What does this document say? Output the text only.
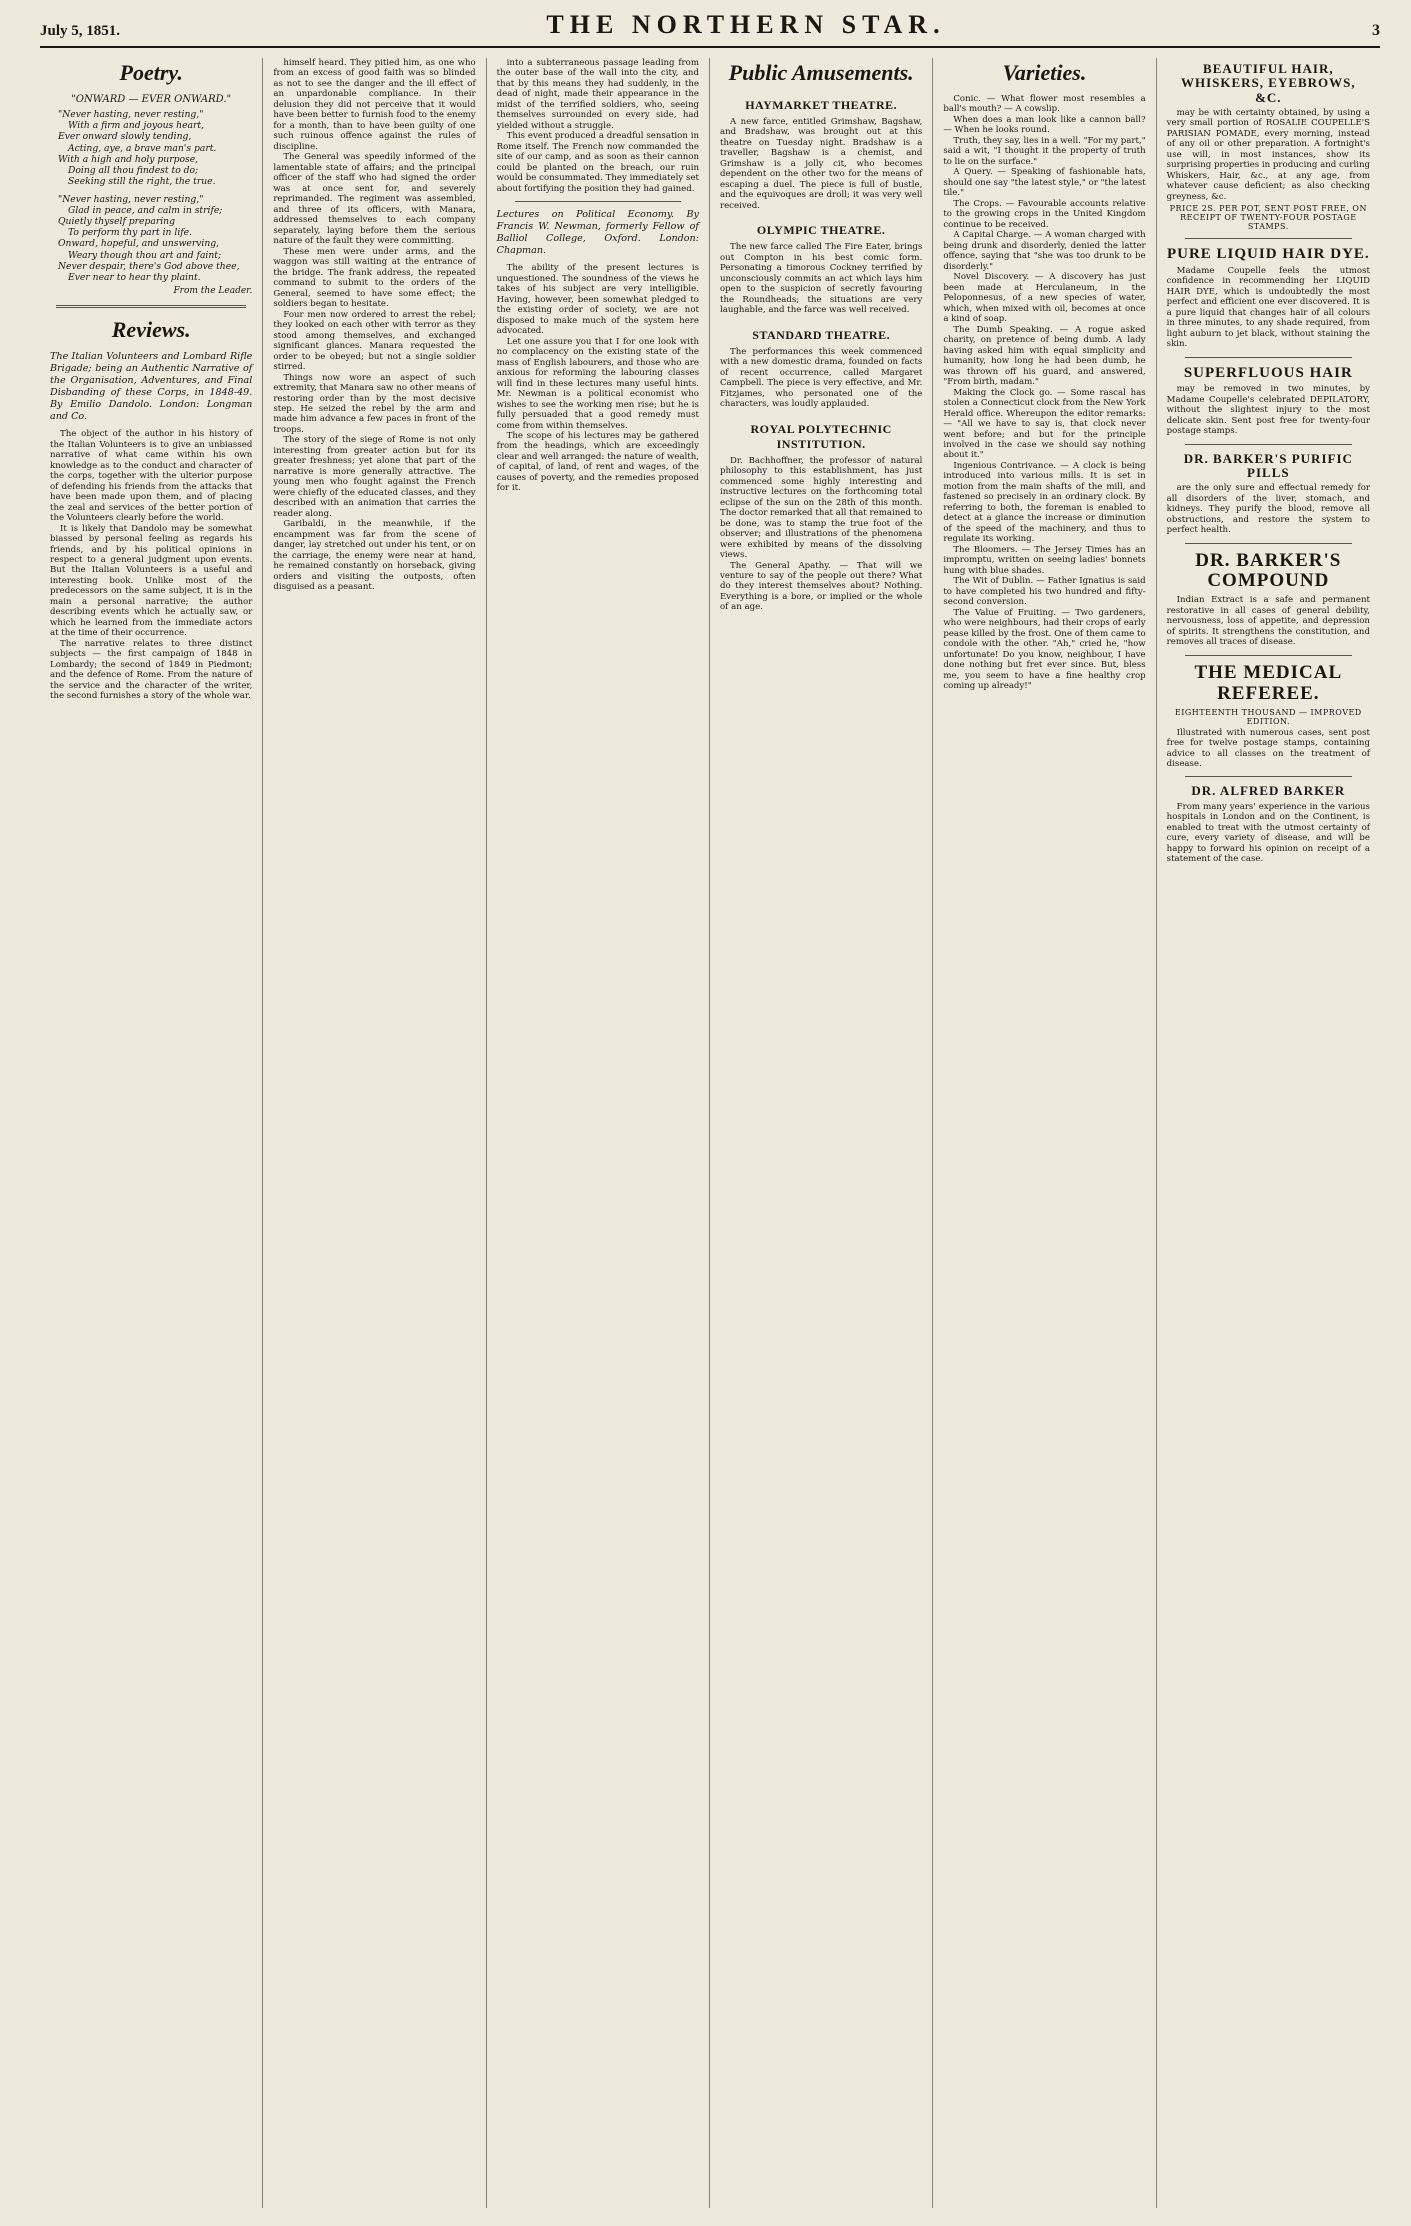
July 5, 1851.	THE NORTHERN STAR.	3
Poetry.
"ONWARD — EVER ONWARD."

"Never hasting, never resting,"

With a firm and joyous heart,

Ever onward slowly tending,

Acting, aye, a brave man's part.

With a high and holy purpose,

Doing all thou findest to do;

Seeking still the right, the true.

"Never hasting, never resting,"

Glad in peace, and calm in strife;

Quietly thyself preparing

To perform thy part in life.

Onward, hopeful, and unswerving,

Weary though thou art and faint;

Never despair, there's God above thee,

Ever near to hear thy plaint.

From the Leader.
Reviews.
The Italian Volunteers and Lombard Rifle Brigade; being an Authentic Narrative of the Organisation, Adventures, and Final Disbanding of these Corps, in 1848-49. By Emilio Dandolo. London: Longman and Co.

The object of the author in his history of the Italian Volunteers is to give an unbiassed narrative of what came within his own knowledge as to the conduct and character of the corps, together with the ulterior purpose of defending his friends from the attacks that have been made upon them, and of placing the zeal and services of the better portion of the Volunteers clearly before the world.

It is likely that Dandolo may be somewhat biassed by personal feeling as regards his friends, and by his political opinions in respect to a general judgment upon events. But the Italian Volunteers is a useful and interesting book. Unlike most of the predecessors on the same subject, it is in the main a personal narrative; the author describing events which he actually saw, or which he learned from the immediate actors at the time of their occurrence.

The narrative relates to three distinct subjects — the first campaign of 1848 in Lombardy; the second of 1849 in Piedmont; and the defence of Rome. From the nature of the service and the character of the writer, the second furnishes a story of the whole war.

himself heard. They pitied him, as one who from an excess of good faith was so blinded as not to see the danger and the ill effect of an unpardonable compliance. In their delusion they did not perceive that it would have been better to furnish food to the enemy for a month, than to have been guilty of one such ruinous offence against the rules of discipline.

The General was speedily informed of the lamentable state of affairs; and the principal officer of the staff who had signed the order was at once sent for, and severely reprimanded. The regiment was assembled, and three of its officers, with Manara, addressed themselves to each company separately, laying before them the serious nature of the fault they were committing.

These men were under arms, and the waggon was still waiting at the entrance of the bridge. The frank address, the repeated command to submit to the orders of the General, seemed to have some effect; the soldiers began to hesitate.

Four men now ordered to arrest the rebel; they looked on each other with terror as they stood among themselves, and exchanged significant glances. Manara requested the order to be obeyed; but not a single soldier stirred.

Things now wore an aspect of such extremity, that Manara saw no other means of restoring order than by the most decisive step. He seized the rebel by the arm and made him advance a few paces in front of the troops.

The story of the siege of Rome is not only interesting from greater action but for its greater freshness; yet alone that part of the narrative is more generally attractive. The young men who fought against the French were chiefly of the educated classes, and they described with an animation that carries the reader along.

Garibaldi, in the meanwhile, if the encampment was far from the scene of danger, lay stretched out under his tent, or on the carriage, the enemy were near at hand, he remained constantly on horseback, giving orders and visiting the outposts, often disguised as a peasant.

into a subterraneous passage leading from the outer base of the wall into the city, and that by this means they had suddenly, in the dead of night, made their appearance in the midst of the terrified soldiers, who, seeing themselves surrounded on every side, had yielded without a struggle.

This event produced a dreadful sensation in Rome itself. The French now commanded the site of our camp, and as soon as their cannon could be planted on the breach, our ruin would be consummated. They immediately set about fortifying the position they had gained.

Lectures on Political Economy. By Francis W. Newman, formerly Fellow of Balliol College, Oxford. London: Chapman.

The ability of the present lectures is unquestioned. The soundness of the views he takes of his subject are very intelligible. Having, however, been somewhat pledged to the existing order of society, we are not disposed to make much of the system here advocated.

Let one assure you that I for one look with no complacency on the existing state of the mass of English labourers, and those who are anxious for reforming the labouring classes will find in these lectures many useful hints. Mr. Newman is a political economist who wishes to see the working men rise; but he is fully persuaded that a good remedy must come from within themselves.

The scope of his lectures may be gathered from the headings, which are exceedingly clear and well arranged: the nature of wealth, of capital, of land, of rent and wages, of the causes of poverty, and the remedies proposed for it.

Public Amusements.
HAYMARKET THEATRE.

A new farce, entitled Grimshaw, Bagshaw, and Bradshaw, was brought out at this theatre on Tuesday night. Bradshaw is a traveller, Bagshaw is a chemist, and Grimshaw is a jolly cit, who becomes dependent on the other two for the means of escaping a duel. The piece is full of bustle, and the equivoques are droll; it was very well received.

OLYMPIC THEATRE.

The new farce called The Fire Eater, brings out Compton in his best comic form. Personating a timorous Cockney terrified by unconsciously commits an act which lays him open to the suspicion of secretly favouring the Roundheads; the situations are very laughable, and the farce was well received.

STANDARD THEATRE.

The performances this week commenced with a new domestic drama, founded on facts of recent occurrence, called Margaret Campbell. The piece is very effective, and Mr. Fitzjames, who personated one of the characters, was loudly applauded.

ROYAL POLYTECHNIC INSTITUTION.

Dr. Bachhoffner, the professor of natural philosophy to this establishment, has just commenced some highly interesting and instructive lectures on the forthcoming total eclipse of the sun on the 28th of this month. The doctor remarked that all that remained to be done, was to stamp the true foot of the observer; and illustrations of the phenomena were exhibited by means of the dissolving views.

The General Apathy. — That will we venture to say of the people out there? What do they interest themselves about? Nothing. Everything is a bore, or implied or the whole of an age.

Varieties.

Conic. — What flower most resembles a ball's mouth? — A cowslip.

When does a man look like a cannon ball? — When he looks round.

Truth, they say, lies in a well. "For my part," said a wit, "I thought it the property of truth to lie on the surface."

A Query. — Speaking of fashionable hats, should one say "the latest style," or "the latest tile."

The Crops. — Favourable accounts relative to the growing crops in the United Kingdom continue to be received.

A Capital Charge. — A woman charged with being drunk and disorderly, denied the latter offence, saying that "she was too drunk to be disorderly."

Novel Discovery. — A discovery has just been made at Herculaneum, in the Peloponnesus, of a new species of water, which, when mixed with oil, becomes at once a kind of soap.

The Dumb Speaking. — A rogue asked charity, on pretence of being dumb. A lady having asked him with equal simplicity and humanity, how long he had been dumb, he was thrown off his guard, and answered, "From birth, madam."

Making the Clock go. — Some rascal has stolen a Connecticut clock from the New York Herald office. Whereupon the editor remarks: — "All we have to say is, that clock never went before; and but for the principle involved in the case we should say nothing about it."

Ingenious Contrivance. — A clock is being introduced into various mills. It is set in motion from the main shafts of the mill, and fastened so precisely in an ordinary clock. By referring to both, the foreman is enabled to detect at a glance the increase or diminution of the speed of the machinery, and thus to regulate its working.

The Bloomers. — The Jersey Times has an impromptu, written on seeing ladies' bonnets hung with blue shades.

The Wit of Dublin. — Father Ignatius is said to have completed his two hundred and fifty-second conversion.

The Value of Fruiting. — Two gardeners, who were neighbours, had their crops of early pease killed by the frost. One of them came to condole with the other. "Ah," cried he, "how unfortunate! Do you know, neighbour, I have done nothing but fret ever since. But, bless me, you seem to have a fine healthy crop coming up already!"

BEAUTIFUL HAIR, WHISKERS, EYEBROWS, &C.

may be with certainty obtained, by using a very small portion of ROSALIE COUPELLE'S PARISIAN POMADE, every morning, instead of any oil or other preparation. A fortnight's use will, in most instances, show its surprising properties in producing and curling Whiskers, Hair, &c., at any age, from whatever cause deficient; as also checking greyness, &c.

PRICE 2S. PER POT, SENT POST FREE, ON RECEIPT OF TWENTY-FOUR POSTAGE STAMPS.
PURE LIQUID HAIR DYE.

Madame Coupelle feels the utmost confidence in recommending her LIQUID HAIR DYE, which is undoubtedly the most perfect and efficient one ever discovered. It is a pure liquid that changes hair of all colours in three minutes, to any shade required, from light auburn to jet black, without staining the skin.

SUPERFLUOUS HAIR

may be removed in two minutes, by Madame Coupelle's celebrated DEPILATORY, without the slightest injury to the most delicate skin. Sent post free for twenty-four postage stamps.

DR. BARKER'S PURIFIC PILLS

are the only sure and effectual remedy for all disorders of the liver, stomach, and kidneys. They purify the blood, remove all obstructions, and restore the system to perfect health.

DR. BARKER'S COMPOUND

Indian Extract is a safe and permanent restorative in all cases of general debility, nervousness, loss of appetite, and depression of spirits. It strengthens the constitution, and removes all traces of disease.

THE MEDICAL REFEREE.
EIGHTEENTH THOUSAND — IMPROVED EDITION.

Illustrated with numerous cases, sent post free for twelve postage stamps, containing advice to all classes on the treatment of disease.

DR. ALFRED BARKER

From many years' experience in the various hospitals in London and on the Continent, is enabled to treat with the utmost certainty of cure, every variety of disease, and will be happy to forward his opinion on receipt of a statement of the case.
